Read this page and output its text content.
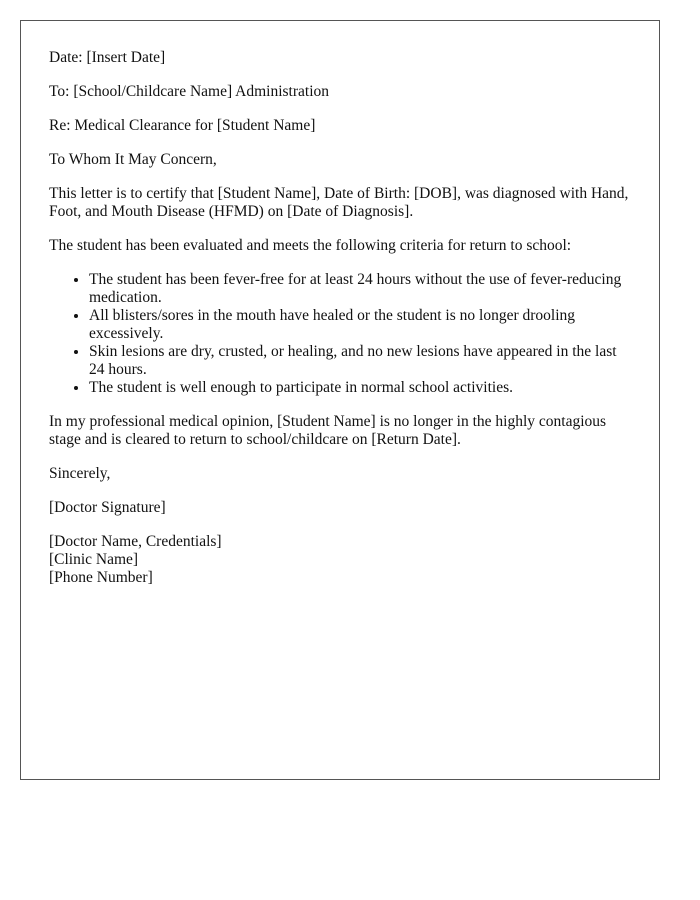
Date: [Insert Date]

To: [School/Childcare Name] Administration

Re: Medical Clearance for [Student Name]

To Whom It May Concern,

This letter is to certify that [Student Name], Date of Birth: [DOB], was diagnosed with Hand, Foot, and Mouth Disease (HFMD) on [Date of Diagnosis].

The student has been evaluated and meets the following criteria for return to school:

• The student has been fever-free for at least 24 hours without the use of fever-reducing medication.
• All blisters/sores in the mouth have healed or the student is no longer drooling excessively.
• Skin lesions are dry, crusted, or healing, and no new lesions have appeared in the last 24 hours.
• The student is well enough to participate in normal school activities.

In my professional medical opinion, [Student Name] is no longer in the highly contagious stage and is cleared to return to school/childcare on [Return Date].

Sincerely,

[Doctor Signature]

[Doctor Name, Credentials]

[Clinic Name]

[Phone Number]
